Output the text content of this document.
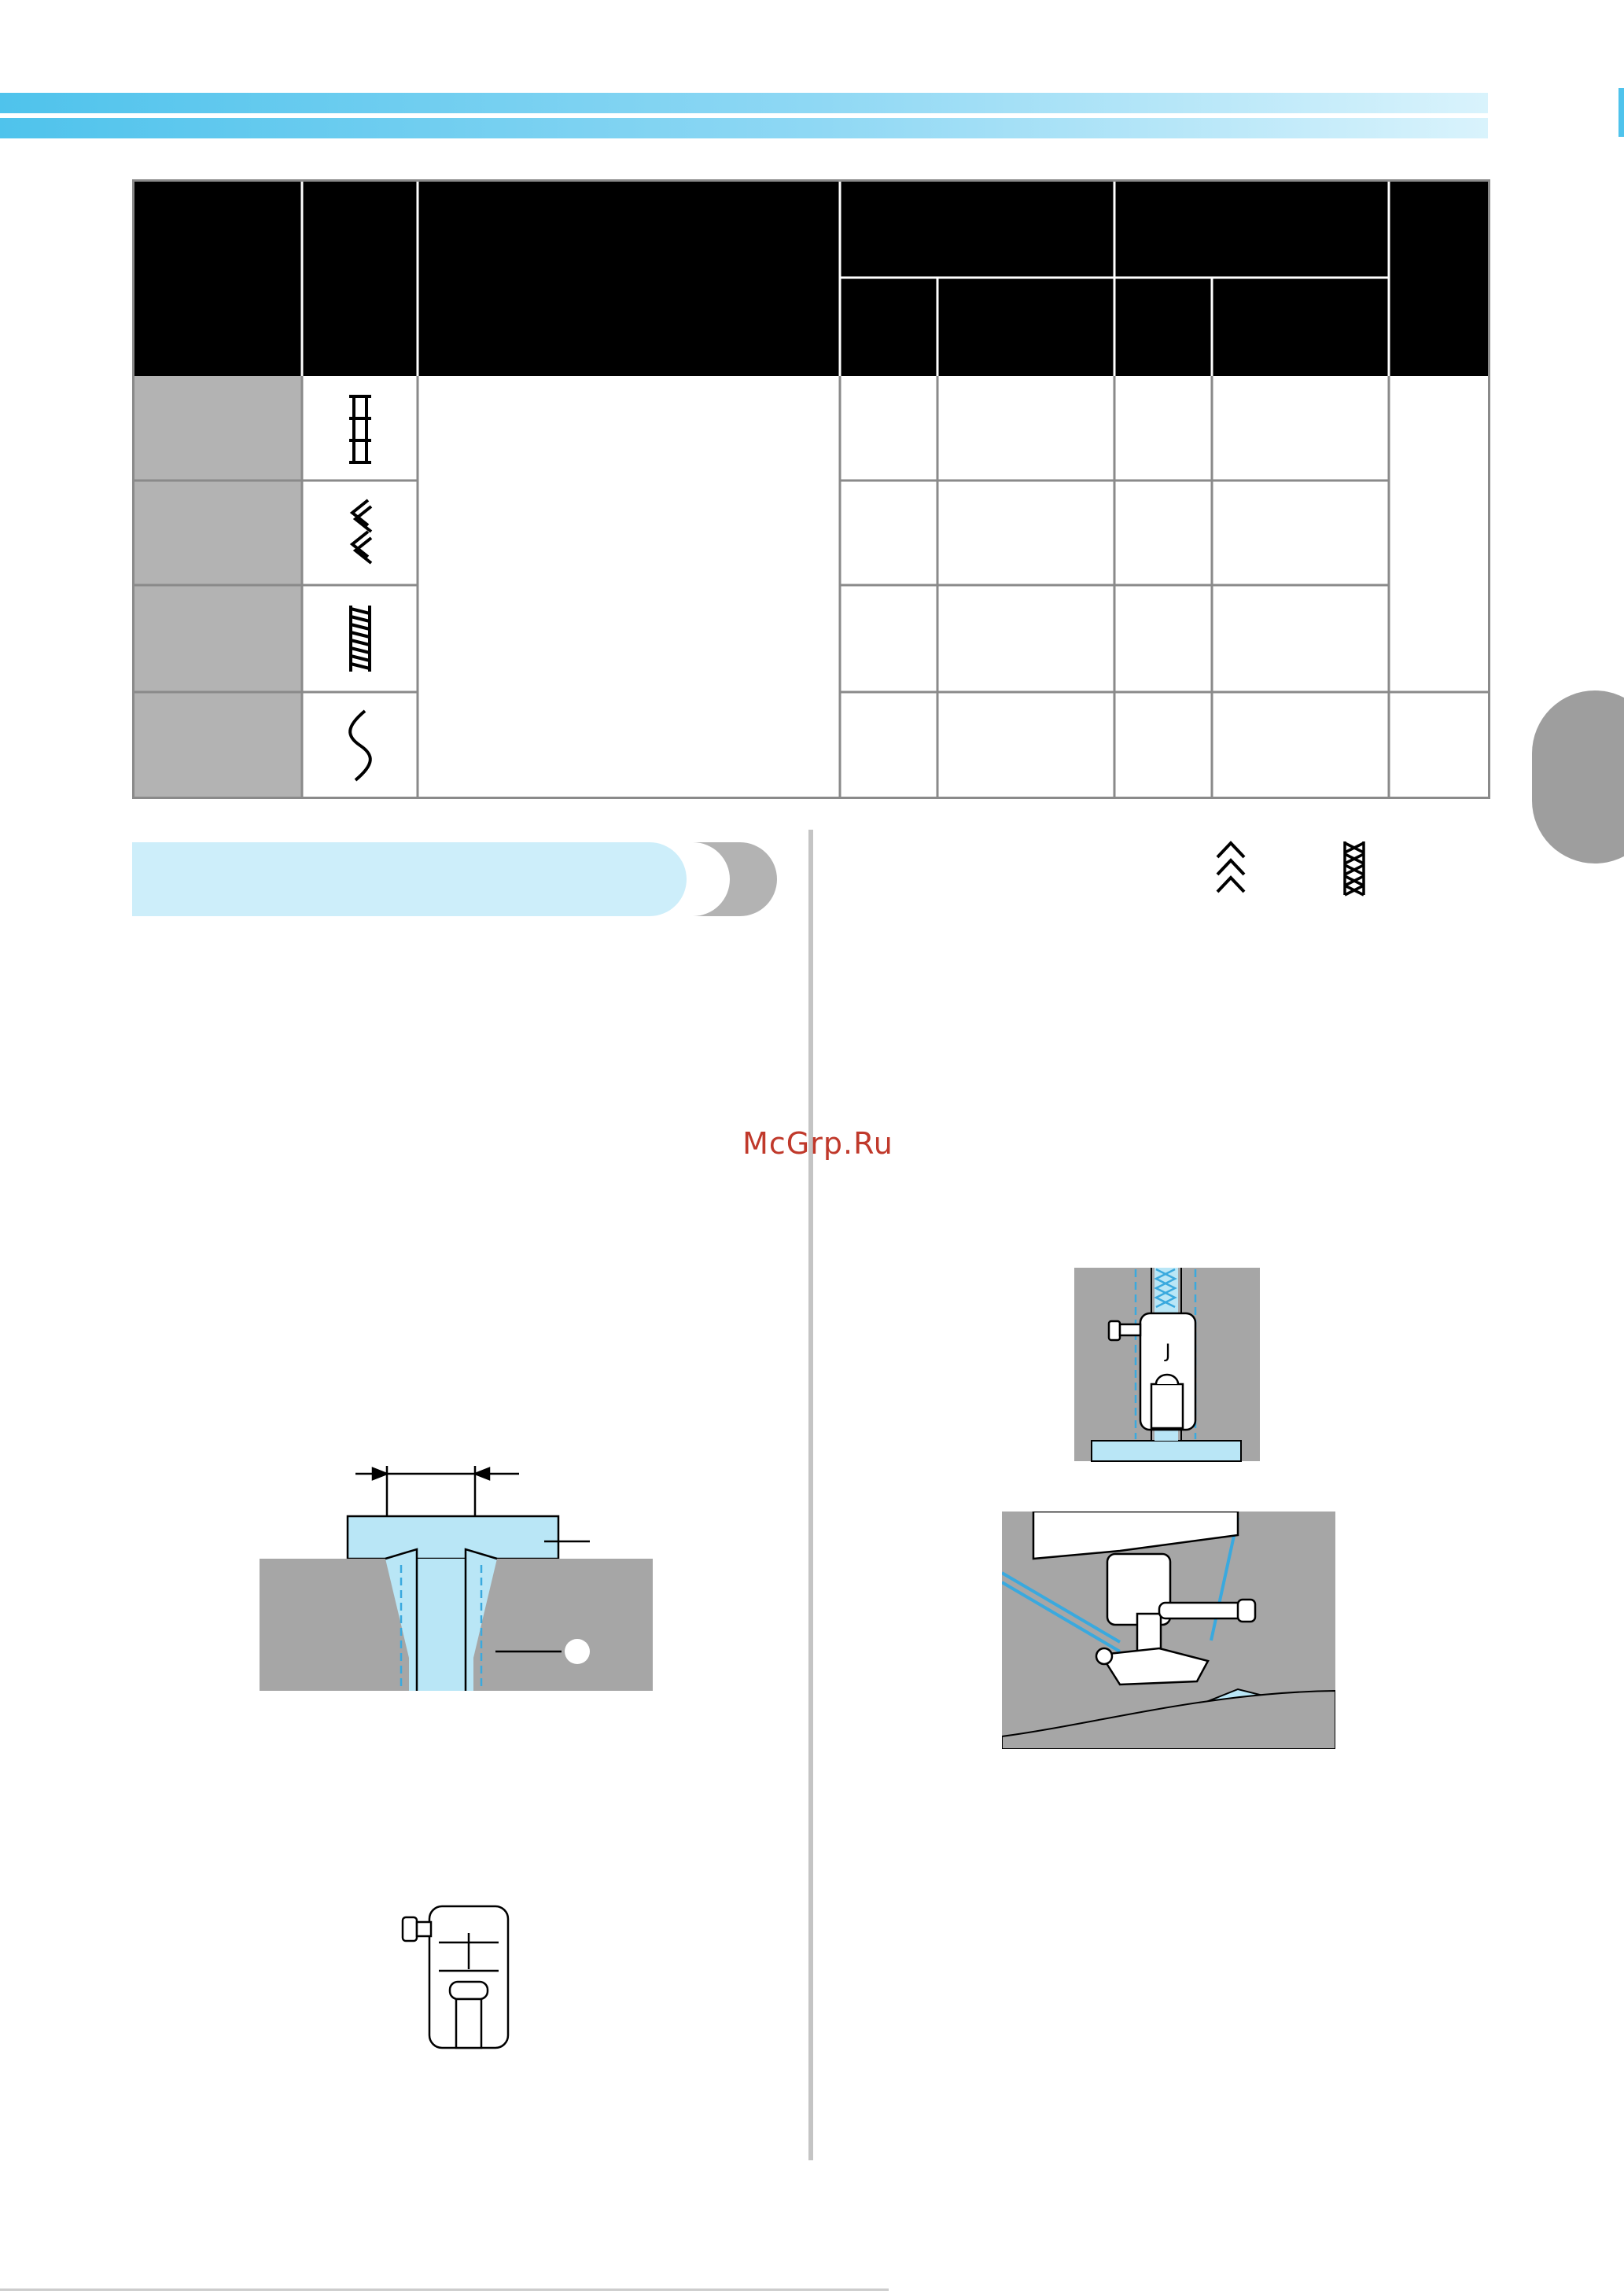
McGrp.Ru
J
